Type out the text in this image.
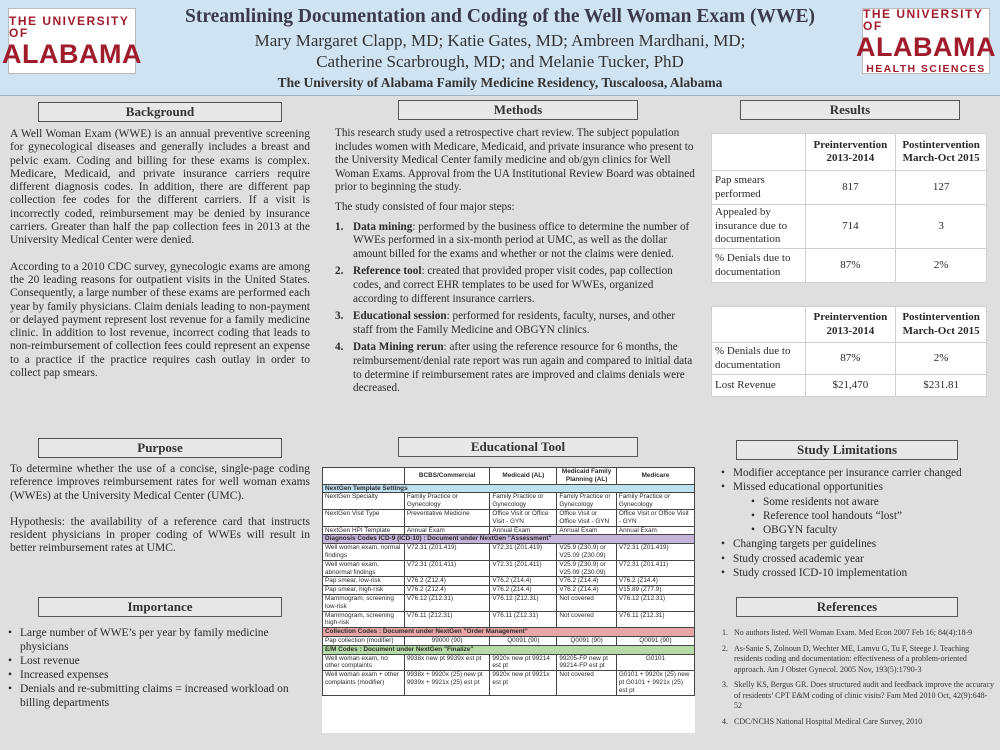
THE UNIVERSITY OF
ALABAMA
THE UNIVERSITY OF
ALABAMA
HEALTH SCIENCES
Streamlining Documentation and Coding of the Well Woman Exam (WWE)
Mary Margaret Clapp, MD; Katie Gates, MD; Ambreen Mardhani, MD;
Catherine Scarbrough, MD; and Melanie Tucker, PhD
The University of Alabama Family Medicine Residency, Tuscaloosa, Alabama
Background

A Well Woman Exam (WWE) is an annual preventive screening for gynecological diseases and generally includes a breast and pelvic exam. Coding and billing for these exams is complex. Medicare, Medicaid, and private insurance carriers require different diagnosis codes. In addition, there are different pap collection fee codes for the different carriers. If a visit is incorrectly coded, reimbursement may be denied by insurance carriers. Greater than half the pap collection fees in 2013 at the University Medical Center were denied.

According to a 2010 CDC survey, gynecologic exams are among the 20 leading reasons for outpatient visits in the United States. Consequently, a large number of these exams are performed each year by family physicians. Claim denials leading to non-payment or delayed payment represent lost revenue for a family medicine clinic. In addition to lost revenue, incorrect coding that leads to non-reimbursement of collection fees could represent an expense to a practice if the practice requires cash outlay in order to collect pap smears.

Purpose

To determine whether the use of a concise, single-page coding reference improves reimbursement rates for well woman exams (WWEs) at the University Medical Center (UMC).

Hypothesis: the availability of a reference card that instructs resident physicians in proper coding of WWEs will result in better reimbursement rates at UMC.

Importance
• Large number of WWE’s per year by family medicine physicians
• Lost revenue
• Increased expenses
• Denials and re-submitting claims = increased workload on billing departments
Methods

This research study used a retrospective chart review. The subject population includes women with Medicare, Medicaid, and private insurance who present to the University Medical Center family medicine and ob/gyn clinics for Well Woman Exams. Approval from the UA Institutional Review Board was obtained prior to beginning the study.

The study consisted of four major steps:

1. Data mining: performed by the business office to determine the number of WWEs performed in a six-month period at UMC, as well as the dollar amount billed for the exams and whether or not the claims were denied.
2. Reference tool: created that provided proper visit codes, pap collection codes, and correct EHR templates to be used for WWEs, organized according to different insurance carriers.
3. Educational session: performed for residents, faculty, nurses, and other staff from the Family Medicine and OBGYN clinics.
4. Data Mining rerun: after using the reference resource for 6 months, the reimbursement/denial rate report was run again and compared to initial data to determine if reimbursement rates are improved and claims denials were decreased.
Educational Tool
	BCBS/Commercial	Medicaid (AL)	Medicaid Family Planning (AL)	Medicare
NextGen Template Settings				
NextGen Specialty	Family Practice or Gynecology	Family Practice or Gynecology	Family Practice or Gynecology	Family Practice or Gynecology
NextGen Visit Type	Preventative Medicine	Office Visit or Office Visit - GYN	Office Visit or Office Visit - GYN	Office Visit or Office Visit - GYN
NextGen HPI Template	Annual Exam	Annual Exam	Annual Exam	Annual Exam
Diagnosis Codes ICD-9 (ICD-10) : Document under NextGen "Assessment"				
Well woman exam, normal findings	V72.31 (Z01.419)	V72.31 (Z01.419)	V25.9 (Z30.9) or V25.09 (Z30.09)	V72.31 (Z01.419)
Well woman exam, abnormal findings	V72.31 (Z01.411)	V72.31 (Z01.411)	V25.9 (Z30.9) or V25.09 (Z30.09)	V72.31 (Z01.411)
Pap smear, low-risk	V76.2 (Z12.4)	V76.2 (Z14.4)	V76.2 (Z14.4)	V76.2 (Z14.4)
Pap smear, high-risk	V76.2 (Z12.4)	V76.2 (Z14.4)	V76.2 (Z14.4)	V15.89 (Z77.9)
Mammogram, screening low-risk	V76.12 (Z12.31)	V76.12 (Z12.31)	Not covered	V76.12 (Z12.31)
Mammogram, screening high-risk	V76.11 (Z12.31)	V76.11 (Z12.31)	Not covered	V76.11 (Z12.31)
Collection Codes : Document under NextGen "Order Management"				
Pap collection (modifier)	99000 (90)	Q0091 (90)	Q0091 (90)	Q0091 (90)
E/M Codes : Document under NextGen "Finalize"				
Well woman exam, no other complaints	9938x new pt 9939x est pt	9920x new pt 99214 est pt	99205-FP new pt 99214-FP est pt	G0101
Well woman exam + other complaints (modifier)	9938x + 9920x (25) new pt 9939x + 9921x (25) est pt	9920x new pt 9921x est pt	Not covered	G0101 + 9920x (25) new pt G0101 + 9921x (25) est pt
Results
	Preintervention 2013-2014	Postintervention March-Oct 2015
Pap smears performed	817	127
Appealed by insurance due to documentation	714	3
% Denials due to documentation	87%	2%
	Preintervention 2013-2014	Postintervention March-Oct 2015
% Denials due to documentation	87%	2%
Lost Revenue	$21,470	$231.81
Study Limitations
• Modifier acceptance per insurance carrier changed
• Missed educational opportunities
• Some residents not aware
• Reference tool handouts “lost”
• OBGYN faculty
• Changing targets per guidelines
• Study crossed academic year
• Study crossed ICD-10 implementation
References
1. No authors listed. Well Woman Exam. Med Econ 2007 Feb 16; 84(4):18-9
2. As-Sanie S, Zolnoun D, Wechter ME, Lamvu G, Tu F, Steege J. Teaching residents coding and documentation: effectiveness of a problem-oriented approach. Am J Obstet Gynecol. 2005 Nov, 193(5):1790-3
3. Skelly KS, Bergus GR. Does structured audit and feedback improve the accuracy of residents’ CPT E&M coding of clinic visits? Fam Med 2010 Oct, 42(9):648-52
4. CDC/NCHS National Hospital Medical Care Survey, 2010
